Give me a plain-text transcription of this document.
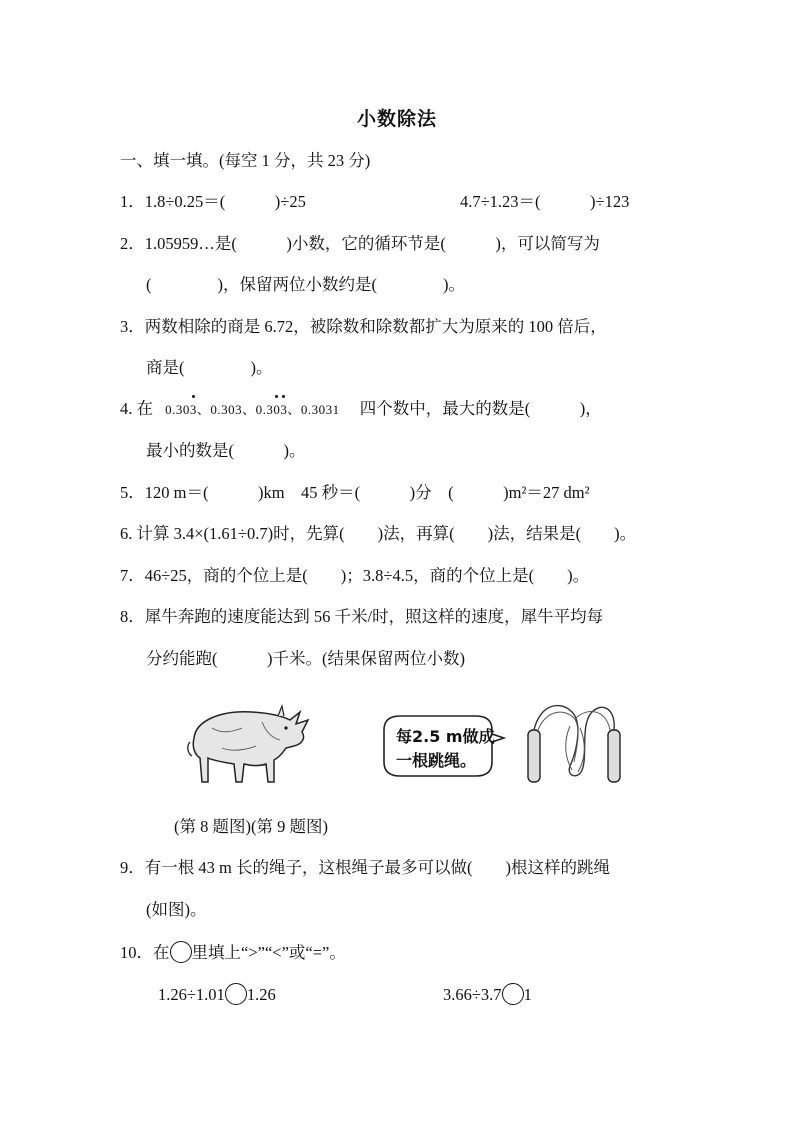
小数除法
一、填一填。(每空 1 分，共 23 分)
1．1.8÷0.25＝(　　　)÷25	4.7÷1.23＝(　　　)÷123
2．1.05959…是(　　　)小数，它的循环节是(　　　)，可以简写为
(　　　　)，保留两位小数约是(　　　　)。
3．两数相除的商是 6.72，被除数和除数都扩大为原来的 100 倍后，
商是(　　　　)。
4. 在 0.303、0.303、0.303、0.3031 四个数中，最大的数是(　　　)，
最小的数是(　　　)。
5．120 m＝(　　　)km　45 秒＝(　　　)分　(　　　)m²＝27 dm²
6. 计算 3.4×(1.61÷0.7)时，先算(　　)法，再算(　　)法，结果是(　　)。
7．46÷25，商的个位上是(　　)；3.8÷4.5，商的个位上是(　　)。
8．犀牛奔跑的速度能达到 56 千米/时，照这样的速度，犀牛平均每
分约能跑(　　　)千米。(结果保留两位小数)
每2.5 m做成
一根跳绳。
(第 8 题图)(第 9 题图)
9．有一根 43 m 长的绳子，这根绳子最多可以做(　　)根这样的跳绳
(如图)。
10．在 里填上“>”“<”或“=”。
1.26÷1.01 1.26	3.66÷3.7 1
